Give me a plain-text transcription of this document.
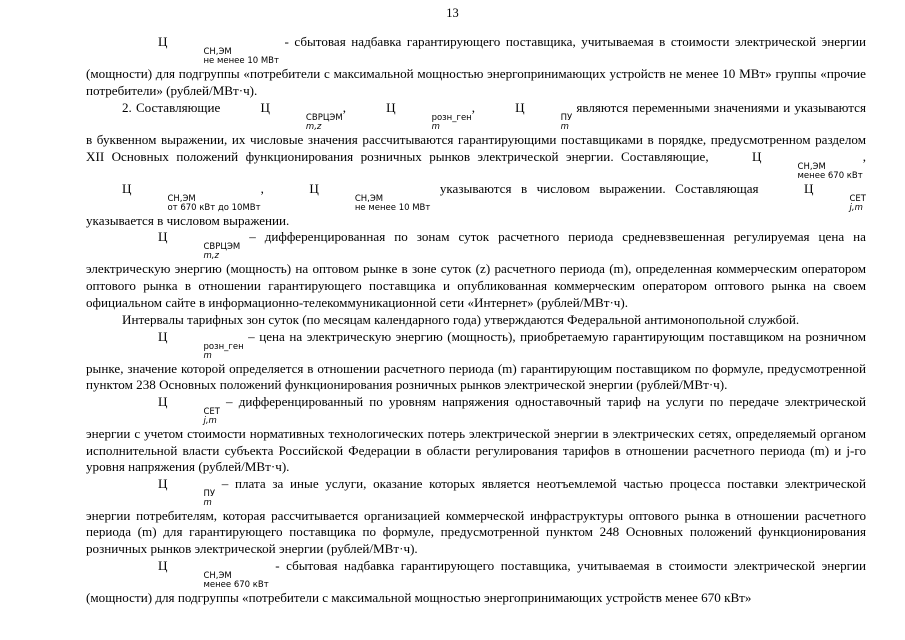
13

Ц
СН,ЭМ
не менее 10 МВт
- сбытовая надбавка гарантирующего поставщика, учитываемая в стоимости электрической энергии (мощности) для подгруппы «потребители с максимальной мощностью энергопринимающих устройств не менее 10 МВт» группы «прочие потребители» (рублей/МВт·ч).

2. Составляющие	Ц
СВРЦЭМ
m,z
,	Ц
розн_ген
m
,	Ц
ПУ
m
являются переменными значениями и указываются в буквенном выражении, их числовые значения рассчитываются гарантирующими поставщиками в порядке, предусмотренном разделом XII Основных положений функционирования розничных рынков электрической энергии. Составляющие,	Ц
СН,ЭМ
менее 670 кВт
, Ц
СН,ЭМ
от 670 кВт до 10МВт
,	Ц
СН,ЭМ
не менее 10 МВт
указываются в числовом выражении. Составляющая	Ц
СЕТ
j,m
указывается в числовом выражении.

Ц
СВРЦЭМ
m,z
– дифференцированная по зонам суток расчетного периода средневзвешенная регулируемая цена на электрическую энергию (мощность) на оптовом рынке в зоне суток (z) расчетного периода (m), определенная коммерческим оператором оптового рынка в отношении гарантирующего поставщика и опубликованная коммерческим оператором оптового рынка на своем официальном сайте в информационно-телекоммуникационной сети «Интернет» (рублей/МВт·ч).

Интервалы тарифных зон суток (по месяцам календарного года) утверждаются Федеральной антимонопольной службой.

Ц
розн_ген
m
– цена на электрическую энергию (мощность), приобретаемую гарантирующим поставщиком на розничном рынке, значение которой определяется в отношении расчетного периода (m) гарантирующим поставщиком по формуле, предусмотренной пунктом 238 Основных положений функционирования розничных рынков электрической энергии (рублей/МВт·ч).

Ц
СЕТ
j,m
– дифференцированный по уровням напряжения одноставочный тариф на услуги по передаче электрической энергии с учетом стоимости нормативных технологических потерь электрической энергии в электрических сетях, определяемый органом исполнительной власти субъекта Российской Федерации в области регулирования тарифов в отношении расчетного периода (m) и j-го уровня напряжения (рублей/МВт·ч).

Ц
ПУ
m
– плата за иные услуги, оказание которых является неотъемлемой частью процесса поставки электрической энергии потребителям, которая рассчитывается организацией коммерческой инфраструктуры оптового рынка в отношении расчетного периода (m) для гарантирующего поставщика по формуле, предусмотренной пунктом 248 Основных положений функционирования розничных рынков электрической энергии (рублей/МВт·ч).

Ц
СН,ЭМ
менее 670 кВт
- сбытовая надбавка гарантирующего поставщика, учитываемая в стоимости электрической энергии (мощности) для подгруппы «потребители с максимальной мощностью энергопринимающих устройств менее 670 кВт»
